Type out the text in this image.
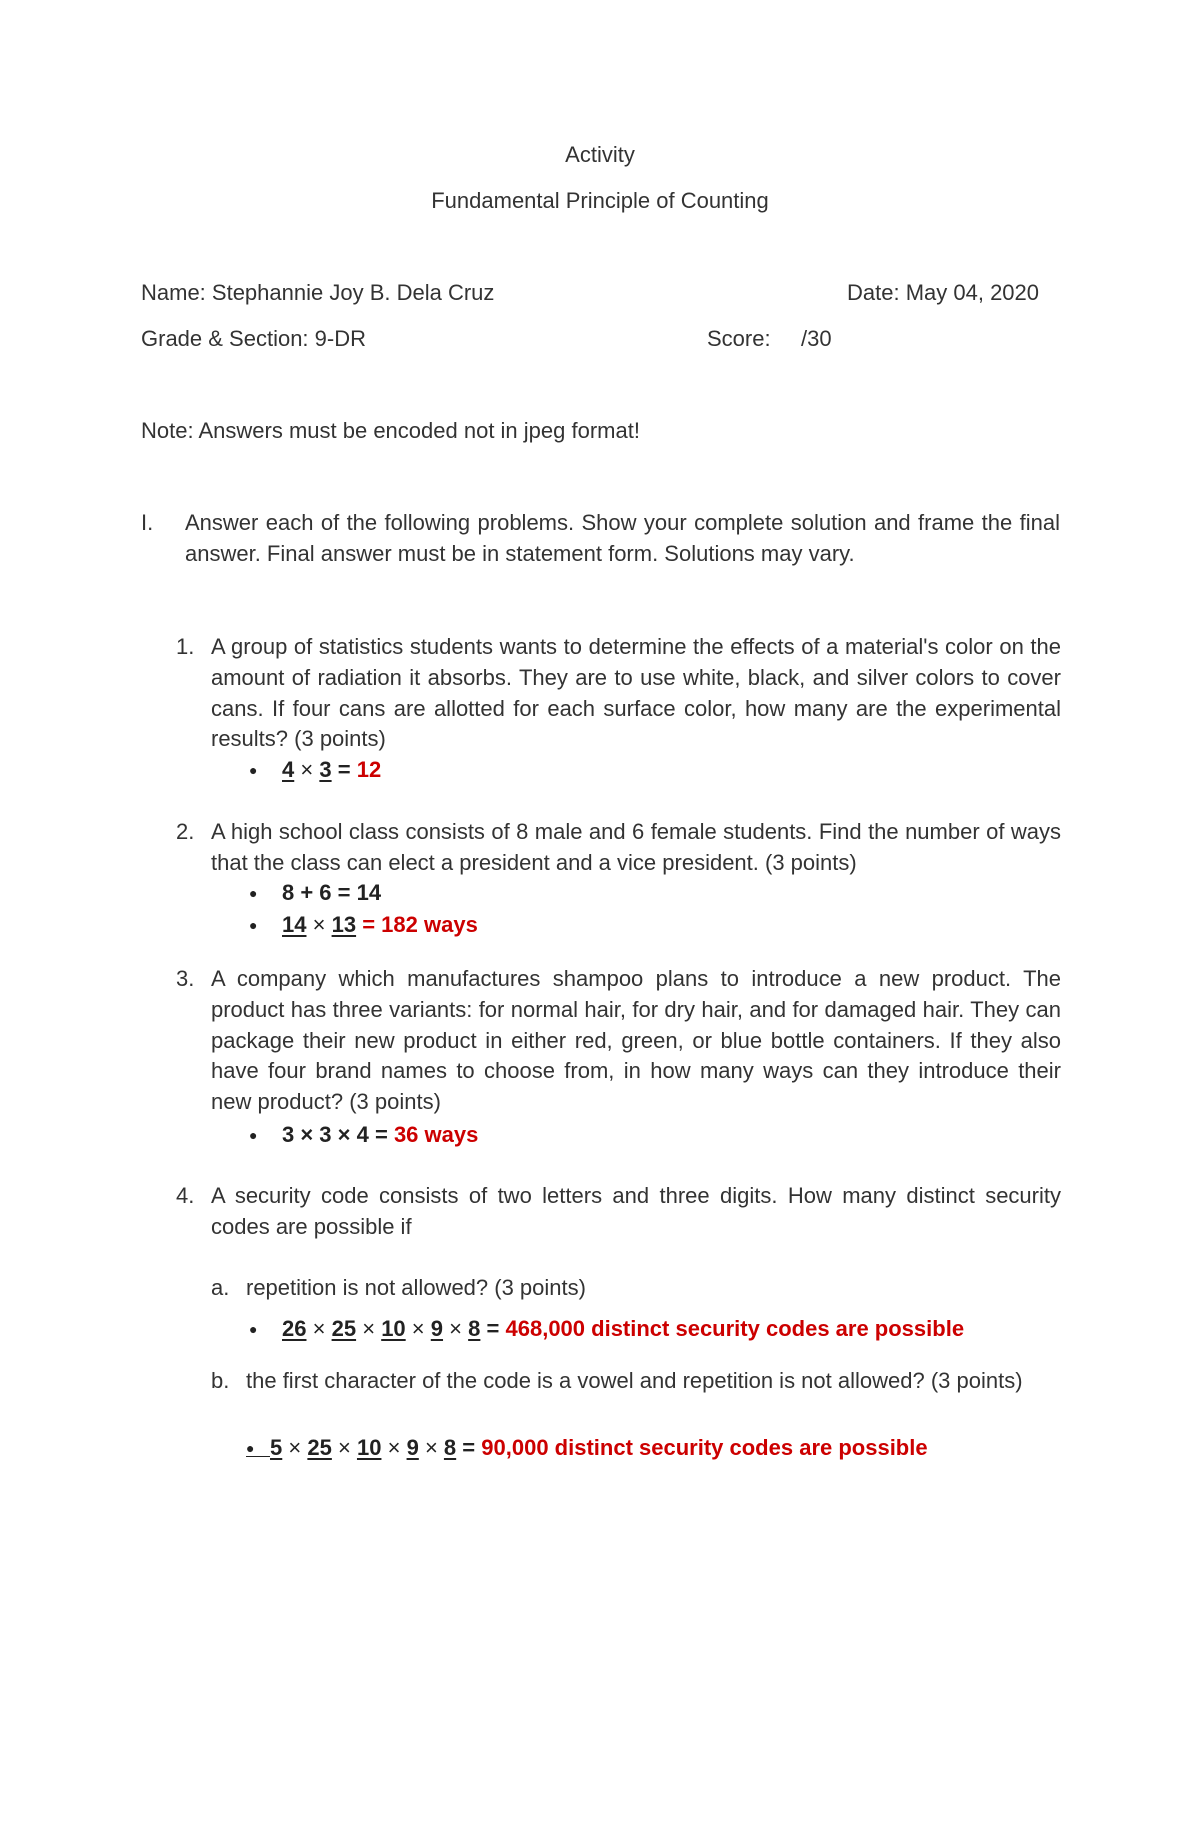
Activity
Fundamental Principle of Counting
Name: Stephannie Joy B. Dela Cruz	Date: May 04, 2020
Grade & Section: 9-DR	Score: /30
Note: Answers must be encoded not in jpeg format!
I. Answer each of the following problems. Show your complete solution and frame the final answer. Final answer must be in statement form. Solutions may vary.
1. A group of statistics students wants to determine the effects of a material's color on the amount of radiation it absorbs. They are to use white, black, and silver colors to cover cans. If four cans are allotted for each surface color, how many are the experimental results? (3 points)
● 4 × 3 = 12
2. A high school class consists of 8 male and 6 female students. Find the number of ways that the class can elect a president and a vice president. (3 points)
● 8 + 6 = 14
● 14 × 13 = 182 ways
3. A company which manufactures shampoo plans to introduce a new product. The product has three variants: for normal hair, for dry hair, and for damaged hair. They can package their new product in either red, green, or blue bottle containers. If they also have four brand names to choose from, in how many ways can they introduce their new product? (3 points)
● 3 × 3 × 4 = 36 ways
4. A security code consists of two letters and three digits. How many distinct security codes are possible if
a. repetition is not allowed? (3 points)
● 26 × 25 × 10 × 9 × 8 = 468,000 distinct security codes are possible
b. the first character of the code is a vowel and repetition is not allowed? (3 points)
●    5 × 25 × 10 × 9 × 8 = 90,000 distinct security codes are possible
